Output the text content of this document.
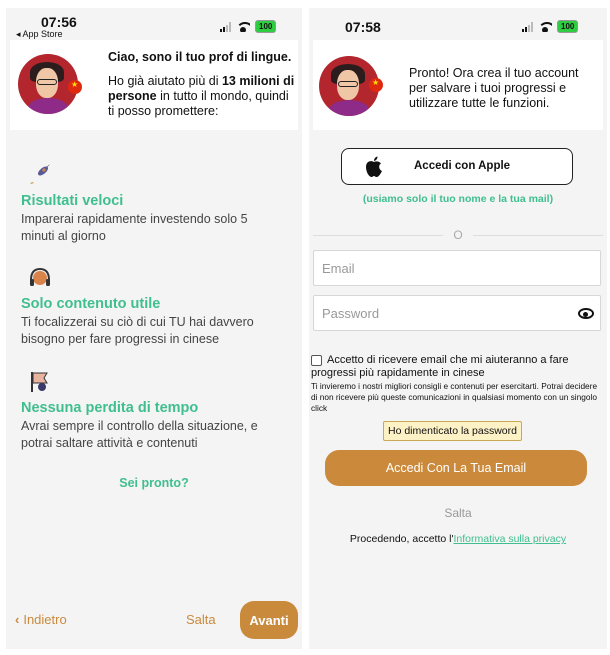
07:56
◂ App Store
100
★
Ciao, sono il tuo prof di lingue.
Ho già aiutato più di 13 milioni di persone in tutto il mondo, quindi ti posso promettere:
Risultati veloci
Imparerai rapidamente investendo solo 5 minuti al giorno
Solo contenuto utile
Ti focalizzerai su ciò di cui TU hai davvero bisogno per fare progressi in cinese
Nessuna perdita di tempo
Avrai sempre il controllo della situazione, e potrai saltare attività e contenuti
Sei pronto?
‹ Indietro	Salta	Avanti
07:58	100
★
Pronto! Ora crea il tuo account per salvare i tuoi progressi e utilizzare tutte le funzioni.
Accedi con Apple
(usiamo solo il tuo nome e la tua mail)
O
Email
Accetto di ricevere email che mi aiuteranno a fare progressi più rapidamente in cinese
Ti invieremo i nostri migliori consigli e contenuti per esercitarti. Potrai decidere di non ricevere più queste comunicazioni in qualsiasi momento con un singolo click
Ho dimenticato la password
Accedi Con La Tua Email
Salta
Procedendo, accetto l'Informativa sulla privacy
